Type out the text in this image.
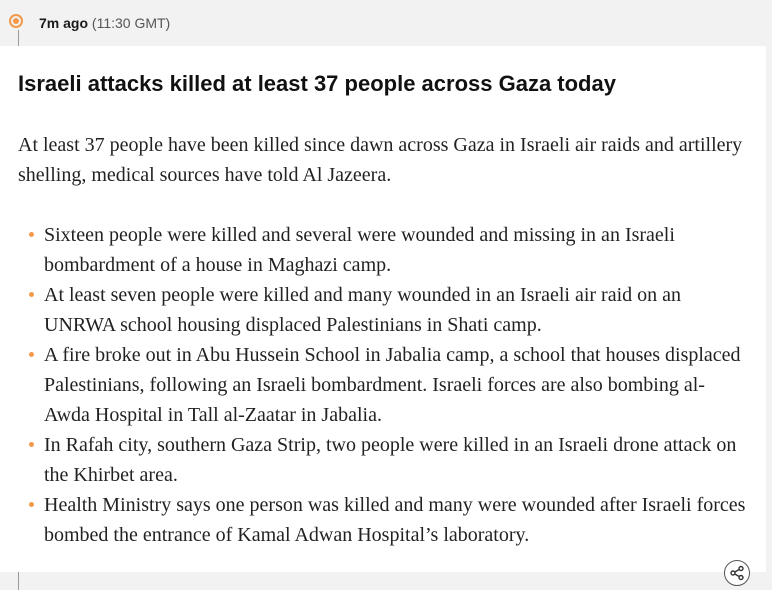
7m ago (11:30 GMT)
Israeli attacks killed at least 37 people across Gaza today

At least 37 people have been killed since dawn across Gaza in Israeli air raids and artillery shelling, medical sources have told Al Jazeera.

Sixteen people were killed and several were wounded and missing in an Israeli bombardment of a house in Maghazi camp.
At least seven people were killed and many wounded in an Israeli air raid on an UNRWA school housing displaced Palestinians in Shati camp.
A fire broke out in Abu Hussein School in Jabalia camp, a school that houses displaced Palestinians, following an Israeli bombardment. Israeli forces are also bombing al-Awda Hospital in Tall al-Zaatar in Jabalia.
In Rafah city, southern Gaza Strip, two people were killed in an Israeli drone attack on the Khirbet area.
Health Ministry says one person was killed and many were wounded after Israeli forces bombed the entrance of Kamal Adwan Hospital’s laboratory.
